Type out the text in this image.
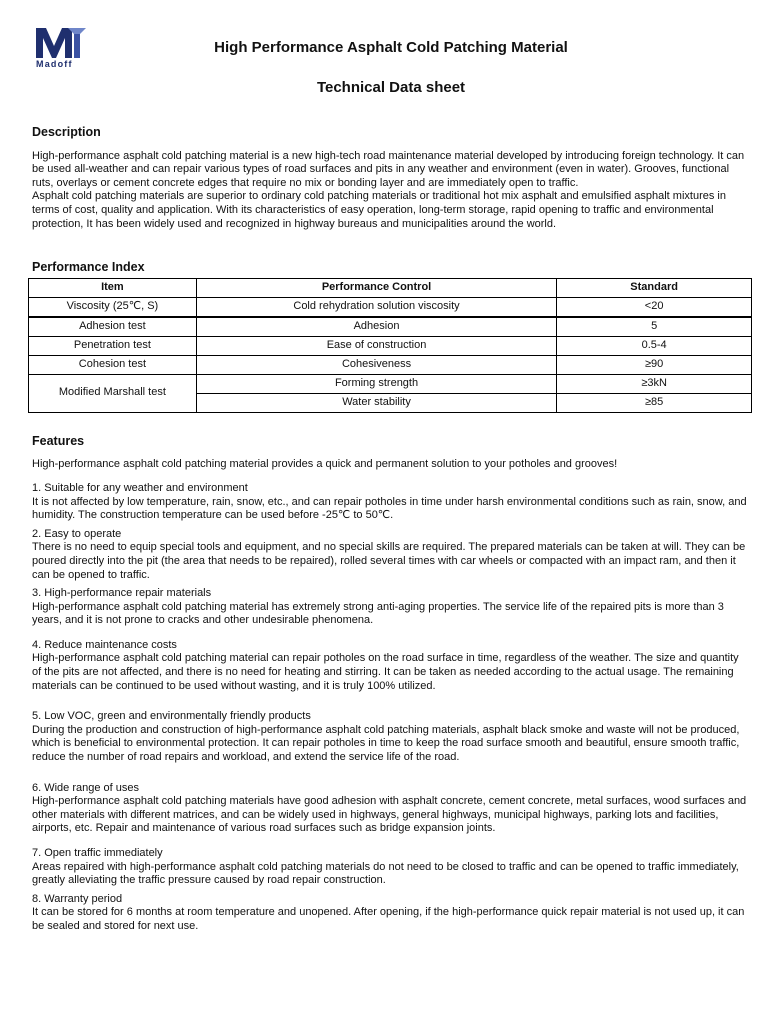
Madoff
High Performance Asphalt Cold Patching Material
Technical Data sheet
Description

High-performance asphalt cold patching material is a new high-tech road maintenance material developed by introducing foreign technology. It can be used all-weather and can repair various types of road surfaces and pits in any weather and environment (even in water). Grooves, functional ruts, overlays or cement concrete edges that require no mix or bonding layer and are immediately open to traffic.

Asphalt cold patching materials are superior to ordinary cold patching materials or traditional hot mix asphalt and emulsified asphalt mixtures in terms of cost, quality and application. With its characteristics of easy operation, long-term storage, rapid opening to traffic and environmental protection, It has been widely used and recognized in highway bureaus and municipalities around the world.

Performance Index
Item	Performance Control	Standard
Viscosity (25℃, S)	Cold rehydration solution viscosity	<20
Adhesion test	Adhesion	5
Penetration test	Ease of construction	0.5-4
Cohesion test	Cohesiveness	≥90
Modified Marshall test	Forming strength	≥3kN
	Water stability	≥85
Features

High-performance asphalt cold patching material provides a quick and permanent solution to your potholes and grooves!

1. Suitable for any weather and environment

It is not affected by low temperature, rain, snow, etc., and can repair potholes in time under harsh environmental conditions such as rain, snow, and humidity. The construction temperature can be used before -25℃ to 50℃.

2. Easy to operate

There is no need to equip special tools and equipment, and no special skills are required. The prepared materials can be taken at will. They can be poured directly into the pit (the area that needs to be repaired), rolled several times with car wheels or compacted with an impact ram, and then it can be opened to traffic.

3. High-performance repair materials

High-performance asphalt cold patching material has extremely strong anti-aging properties. The service life of the repaired pits is more than 3 years, and it is not prone to cracks and other undesirable phenomena.

4. Reduce maintenance costs

High-performance asphalt cold patching material can repair potholes on the road surface in time, regardless of the weather. The size and quantity of the pits are not affected, and there is no need for heating and stirring. It can be taken as needed according to the actual usage. The remaining materials can be continued to be used without wasting, and it is truly 100% utilized.

5. Low VOC, green and environmentally friendly products

During the production and construction of high-performance asphalt cold patching materials, asphalt black smoke and waste will not be produced, which is beneficial to environmental protection. It can repair potholes in time to keep the road surface smooth and beautiful, ensure smooth traffic, reduce the number of road repairs and workload, and extend the service life of the road.

6. Wide range of uses

High-performance asphalt cold patching materials have good adhesion with asphalt concrete, cement concrete, metal surfaces, wood surfaces and other materials with different matrices, and can be widely used in highways, general highways, municipal highways, parking lots and facilities, airports, etc. Repair and maintenance of various road surfaces such as bridge expansion joints.

7. Open traffic immediately

Areas repaired with high-performance asphalt cold patching materials do not need to be closed to traffic and can be opened to traffic immediately, greatly alleviating the traffic pressure caused by road repair construction.

8. Warranty period

It can be stored for 6 months at room temperature and unopened. After opening, if the high-performance quick repair material is not used up, it can be sealed and stored for next use.
